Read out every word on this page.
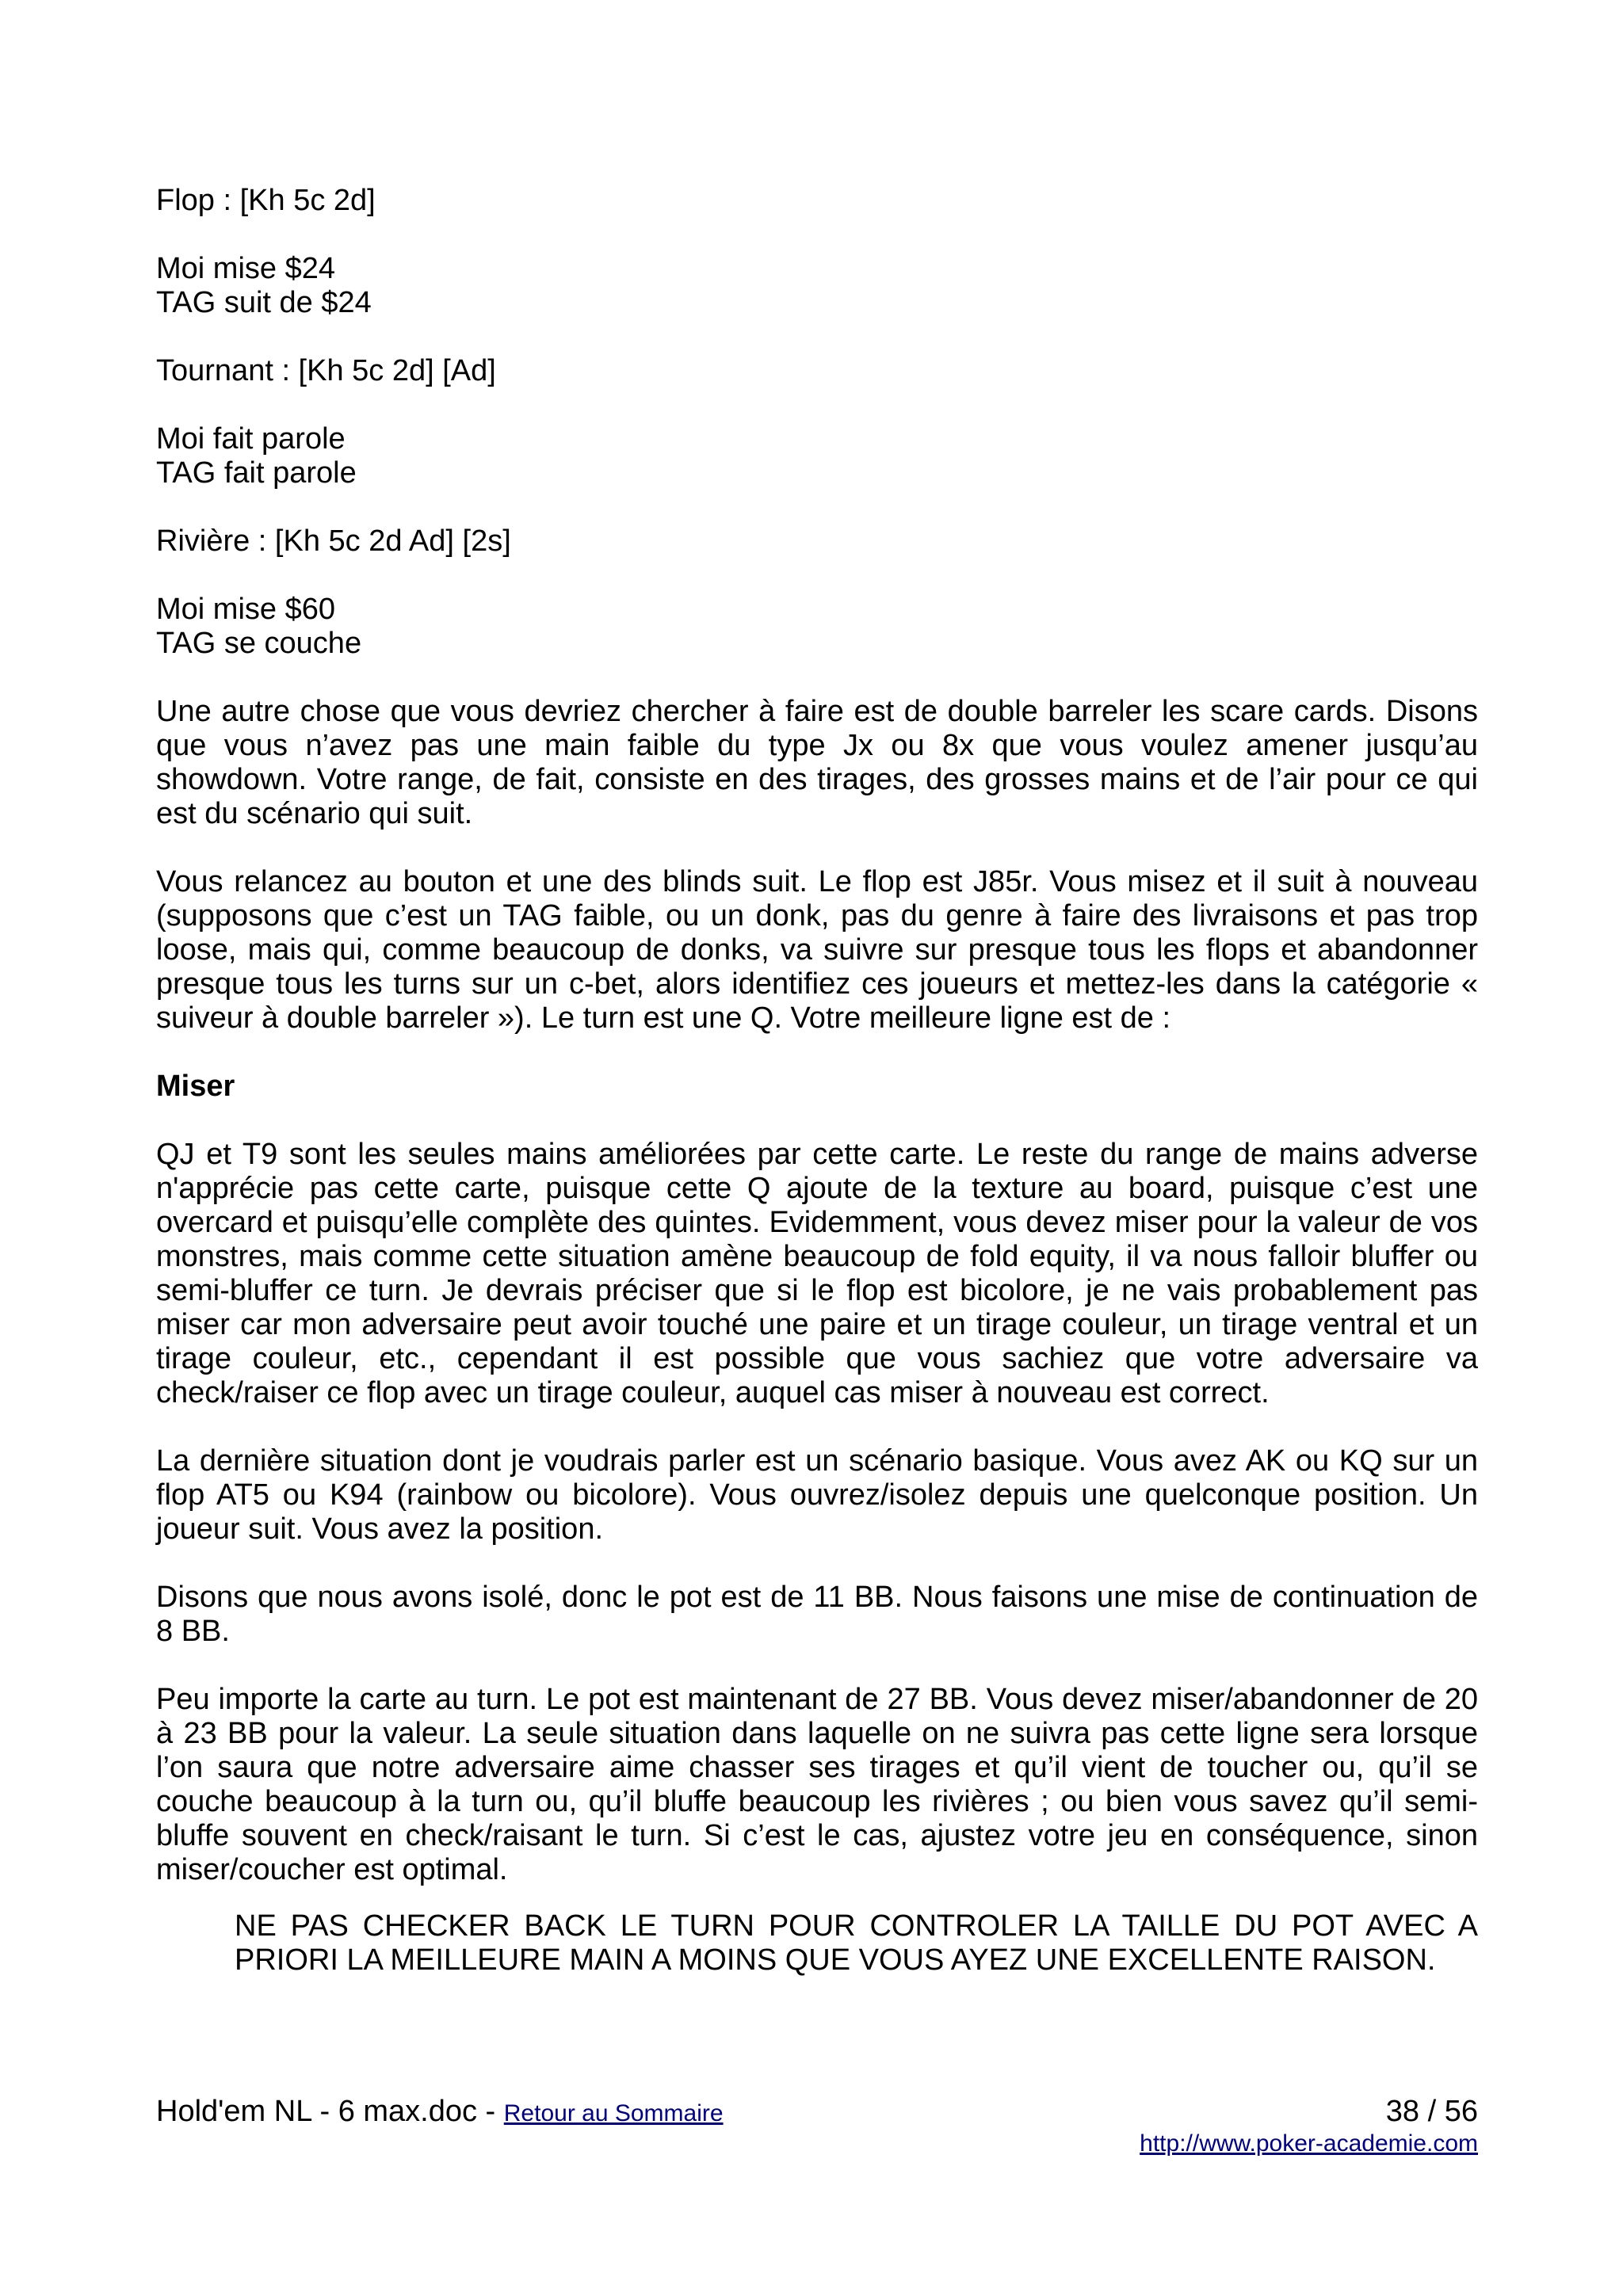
Flop : [Kh 5c 2d]

Moi mise $24

TAG suit de $24

Tournant : [Kh 5c 2d] [Ad]

Moi fait parole

TAG fait parole

Rivière : [Kh 5c 2d Ad] [2s]

Moi mise $60

TAG se couche

Une autre chose que vous devriez chercher à faire est de double barreler les scare cards. Disons que vous n’avez pas une main faible du type Jx ou 8x que vous voulez amener jusqu’au showdown. Votre range, de fait, consiste en des tirages, des grosses mains et de l’air pour ce qui est du scénario qui suit.

Vous relancez au bouton et une des blinds suit. Le flop est J85r. Vous misez et il suit à nouveau (supposons que c’est un TAG faible, ou un donk, pas du genre à faire des livraisons et pas trop loose, mais qui, comme beaucoup de donks, va suivre sur presque tous les flops et abandonner presque tous les turns sur un c-bet, alors identifiez ces joueurs et mettez-les dans la catégorie « suiveur à double barreler »). Le turn est une Q. Votre meilleure ligne est de :

Miser

QJ et T9 sont les seules mains améliorées par cette carte. Le reste du range de mains adverse n'apprécie pas cette carte, puisque cette Q ajoute de la texture au board, puisque c’est une overcard et puisqu’elle complète des quintes. Evidemment, vous devez miser pour la valeur de vos monstres, mais comme cette situation amène beaucoup de fold equity, il va nous falloir bluffer ou semi-bluffer ce turn. Je devrais préciser que si le flop est bicolore, je ne vais probablement pas miser car mon adversaire peut avoir touché une paire et un tirage couleur, un tirage ventral et un tirage couleur, etc., cependant il est possible que vous sachiez que votre adversaire va check/raiser ce flop avec un tirage couleur, auquel cas miser à nouveau est correct.

La dernière situation dont je voudrais parler est un scénario basique. Vous avez AK ou KQ sur un flop AT5 ou K94 (rainbow ou bicolore). Vous ouvrez/isolez depuis une quelconque position. Un joueur suit. Vous avez la position.

Disons que nous avons isolé, donc le pot est de 11 BB. Nous faisons une mise de continuation de 8 BB.

Peu importe la carte au turn. Le pot est maintenant de 27 BB. Vous devez miser/abandonner de 20 à 23 BB pour la valeur. La seule situation dans laquelle on ne suivra pas cette ligne sera lorsque l’on saura que notre adversaire aime chasser ses tirages et qu’il vient de toucher ou, qu’il se couche beaucoup à la turn ou, qu’il bluffe beaucoup les rivières ; ou bien vous savez qu’il semi-bluffe souvent en check/raisant le turn. Si c’est le cas, ajustez votre jeu en conséquence, sinon miser/coucher est optimal.

NE PAS CHECKER BACK LE TURN POUR CONTROLER LA TAILLE DU POT AVEC A PRIORI LA MEILLEURE MAIN A MOINS QUE VOUS AYEZ UNE EXCELLENTE RAISON.

Hold'em NL - 6 max.doc - Retour au Sommaire	38 / 56
http://www.poker-academie.com
